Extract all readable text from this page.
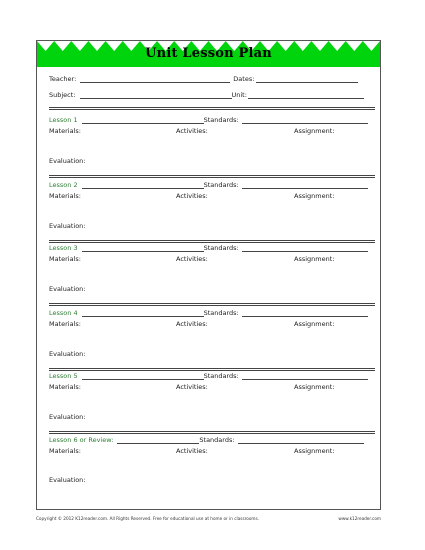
Unit Lesson Plan
Teacher:	Dates:
Subject:	Unit:
Lesson 1	Standards:
Materials:	Activities:	Assignment:
Evaluation:
Lesson 2	Standards:
Materials:	Activities:	Assignment:
Evaluation:
Lesson 3	Standards:
Materials:	Activities:	Assignment:
Evaluation:
Lesson 4	Standards:
Materials:	Activities:	Assignment:
Evaluation:
Lesson 5	Standards:
Materials:	Activities:	Assignment:
Evaluation:
Lesson 6 or Review:	Standards:
Materials:	Activities:	Assignment:
Evaluation:
Copyright © 2012 K12reader.com. All Rights Reserved. Free for educational use at home or in classrooms.	www.k12reader.com
